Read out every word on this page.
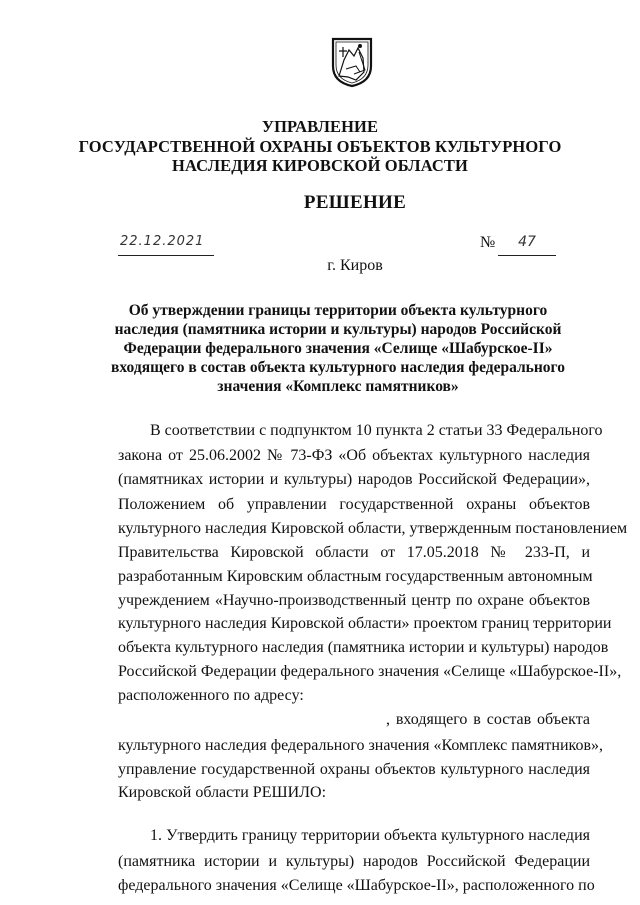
УПРАВЛЕНИЕ
ГОСУДАРСТВЕННОЙ ОХРАНЫ ОБЪЕКТОВ КУЛЬТУРНОГО
НАСЛЕДИЯ КИРОВСКОЙ ОБЛАСТИ
РЕШЕНИЕ
22.12.2021	№	47
г. Киров
Об утверждении границы территории объекта культурного наследия (памятника истории и культуры) народов Российской Федерации федерального значения «Селище «Шабурское-II» входящего в состав объекта культурного наследия федерального значения «Комплекс памятников»
В соответствии с подпунктом 10 пункта 2 статьи 33 Федерального
закона от 25.06.2002 № 73-ФЗ «Об объектах культурного наследия
(памятниках истории и культуры) народов Российской Федерации»,
Положением об управлении государственной охраны объектов
культурного наследия Кировской области, утвержденным постановлением
Правительства Кировской области от 17.05.2018 № 233-П, и
разработанным Кировским областным государственным автономным
учреждением «Научно-производственный центр по охране объектов
культурного наследия Кировской области» проектом границ территории
объекта культурного наследия (памятника истории и культуры) народов
Российской Федерации федерального значения «Селище «Шабурское-II»,
расположенного по адресу:
, входящего в состав объекта
культурного наследия федерального значения «Комплекс памятников»,
управление государственной охраны объектов культурного наследия
Кировской области РЕШИЛО:
1. Утвердить границу территории объекта культурного наследия
(памятника истории и культуры) народов Российской Федерации
федерального значения «Селище «Шабурское-II», расположенного по
